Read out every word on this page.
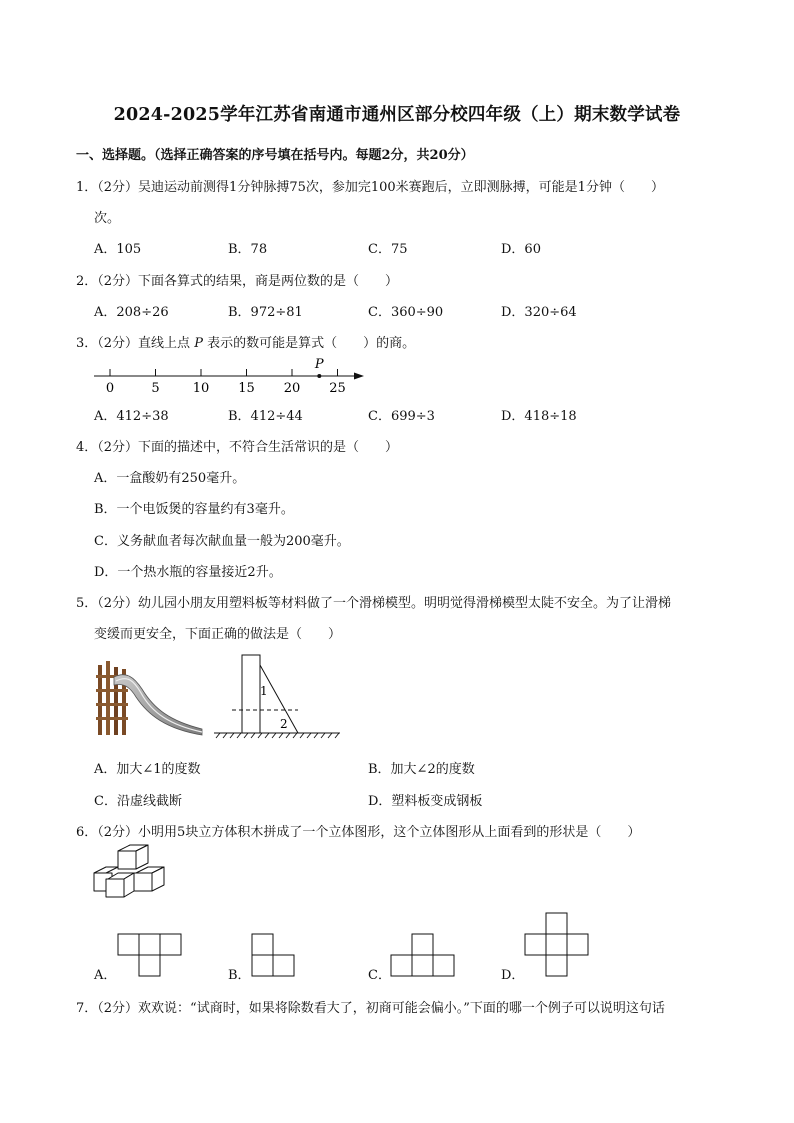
2024-2025学年江苏省南通市通州区部分校四年级（上）期末数学试卷
一、选择题。（选择正确答案的序号填在括号内。每题2分，共20分）
1．（2分）吴迪运动前测得1分钟脉搏75次，参加完100米赛跑后，立即测脉搏，可能是1分钟（　　）
次。
A．105	B．78	C．75	D．60
2．（2分）下面各算式的结果，商是两位数的是（　　）
A．208÷26	B．972÷81	C．360÷90	D．320÷64
3．（2分）直线上点 P 表示的数可能是算式（　　）的商。
0	5	10 15 20 25
P
A．412÷38	B．412÷44	C．699÷3	D．418÷18
4．（2分）下面的描述中，不符合生活常识的是（　　）
A．一盒酸奶有250毫升。
B．一个电饭煲的容量约有3毫升。
C．义务献血者每次献血量一般为200毫升。
D．一个热水瓶的容量接近2升。
5．（2分）幼儿园小朋友用塑料板等材料做了一个滑梯模型。明明觉得滑梯模型太陡不安全。为了让滑梯
变缓而更安全，下面正确的做法是（　　）
1
2
A．加大∠1的度数	B．加大∠2的度数
C．沿虚线截断	D．塑料板变成钢板
6．（2分）小明用5块立方体积木拼成了一个立体图形，这个立体图形从上面看到的形状是（　　）
A．	B．	C．	D．
7．（2分）欢欢说：“试商时，如果将除数看大了，初商可能会偏小。”下面的哪一个例子可以说明这句话
